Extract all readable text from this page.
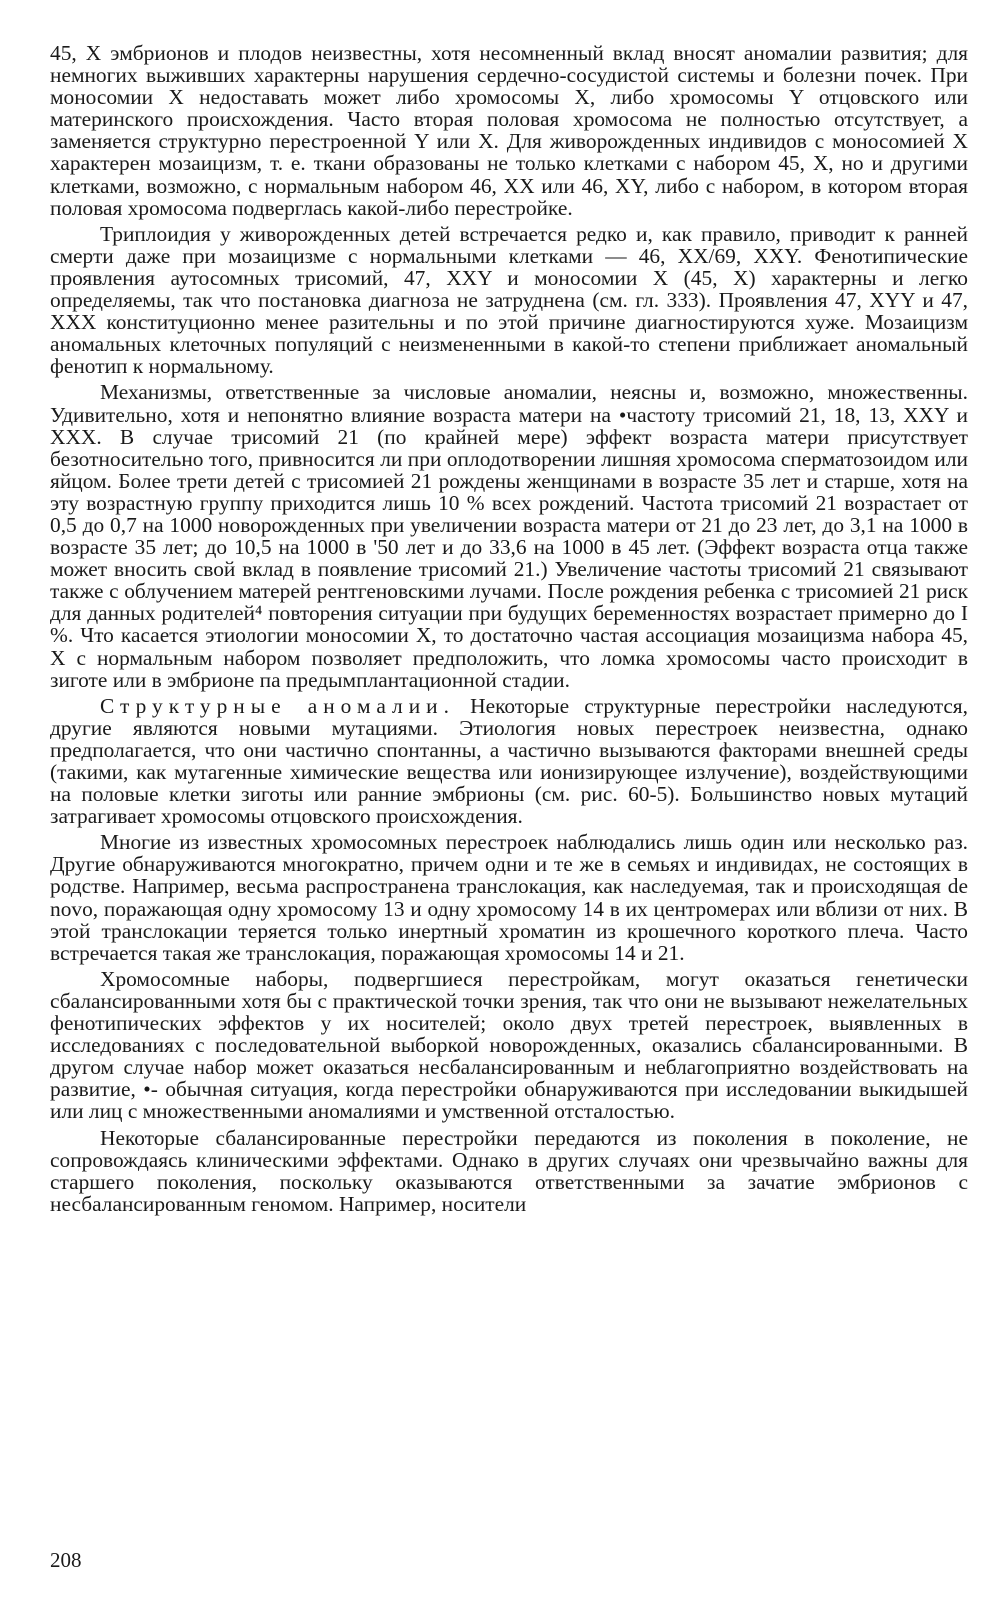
45, X эмбрионов и плодов неизвестны, хотя несомненный вклад вносят аномалии развития; для немногих выживших характерны нарушения сердечно-сосудистой системы и болезни почек. При моносомии X недоставать может либо хромосомы X, либо хромосомы Y отцовского или материнского происхождения. Часто вторая половая хромосома не полностью отсутствует, а заменяется структурно перестроенной Y или X. Для живорожденных индивидов с моносомией X характерен мозаицизм, т. е. ткани образованы не только клетками с набором 45, X, но и другими клетками, возможно, с нормальным набором 46, XX или 46, XY, либо с набором, в котором вторая половая хромосома подверглась какой-либо перестройке.

Триплоидия у живорожденных детей встречается редко и, как правило, приводит к ранней смерти даже при мозаицизме с нормальными клетками — 46, XX/69, XXY. Фенотипические проявления аутосомных трисомий, 47, XXY и моносомии X (45, X) характерны и легко определяемы, так что постановка диагноза не затруднена (см. гл. 333). Проявления 47, XYY и 47, XXX конституционно менее разительны и по этой причине диагностируются хуже. Мозаицизм аномальных клеточных популяций с неизмененными в какой-то степени приближает аномальный фенотип к нормальному.

Механизмы, ответственные за числовые аномалии, неясны и, возможно, множественны. Удивительно, хотя и непонятно влияние возраста матери на •частоту трисомий 21, 18, 13, XXY и XXX. В случае трисомий 21 (по крайней мере) эффект возраста матери присутствует безотносительно того, привносится ли при оплодотворении лишняя хромосома сперматозоидом или яйцом. Более трети детей с трисомией 21 рождены женщинами в возрасте 35 лет и старше, хотя на эту возрастную группу приходится лишь 10 % всех рождений. Частота трисомий 21 возрастает от 0,5 до 0,7 на 1000 новорожденных при увеличении возраста матери от 21 до 23 лет, до 3,1 на 1000 в возрасте 35 лет; до 10,5 на 1000 в '50 лет и до 33,6 на 1000 в 45 лет. (Эффект возраста отца также может вносить свой вклад в появление трисомий 21.) Увеличение частоты трисомий 21 связывают также с облучением матерей рентгеновскими лучами. После рождения ребенка с трисомией 21 риск для данных родителей⁴ повторения ситуации при будущих беременностях возрастает примерно до I %. Что касается этиологии моносомии X, то достаточно частая ассоциация мозаицизма набора 45, X с нормальным набором позволяет предположить, что ломка хромосомы часто происходит в зиготе или в эмбрионе па предымплантационной стадии.

Структурные аномалии. Некоторые структурные перестройки наследуются, другие являются новыми мутациями. Этиология новых перестроек неизвестна, однако предполагается, что они частично спонтанны, а частично вызываются факторами внешней среды (такими, как мутагенные химические вещества или ионизирующее излучение), воздействующими на половые клетки зиготы или ранние эмбрионы (см. рис. 60-5). Большинство новых мутаций затрагивает хромосомы отцовского происхождения.

Многие из известных хромосомных перестроек наблюдались лишь один или несколько раз. Другие обнаруживаются многократно, причем одни и те же в семьях и индивидах, не состоящих в родстве. Например, весьма распространена транслокация, как наследуемая, так и происходящая de novo, поражающая одну хромосому 13 и одну хромосому 14 в их центромерах или вблизи от них. В этой транслокации теряется только инертный хроматин из крошечного короткого плеча. Часто встречается такая же транслокация, поражающая хромосомы 14 и 21.

Хромосомные наборы, подвергшиеся перестройкам, могут оказаться генетически сбалансированными хотя бы с практической точки зрения, так что они не вызывают нежелательных фенотипических эффектов у их носителей; около двух третей перестроек, выявленных в исследованиях с последовательной выборкой новорожденных, оказались сбалансированными. В другом случае набор может оказаться несбалансированным и неблагоприятно воздействовать на развитие, •- обычная ситуация, когда перестройки обнаруживаются при исследовании выкидышей или лиц с множественными аномалиями и умственной отсталостью.

Некоторые сбалансированные перестройки передаются из поколения в поколение, не сопровождаясь клиническими эффектами. Однако в других случаях они чрезвычайно важны для старшего поколения, поскольку оказываются ответственными за зачатие эмбрионов с несбалансированным геномом. Например, носители

208
